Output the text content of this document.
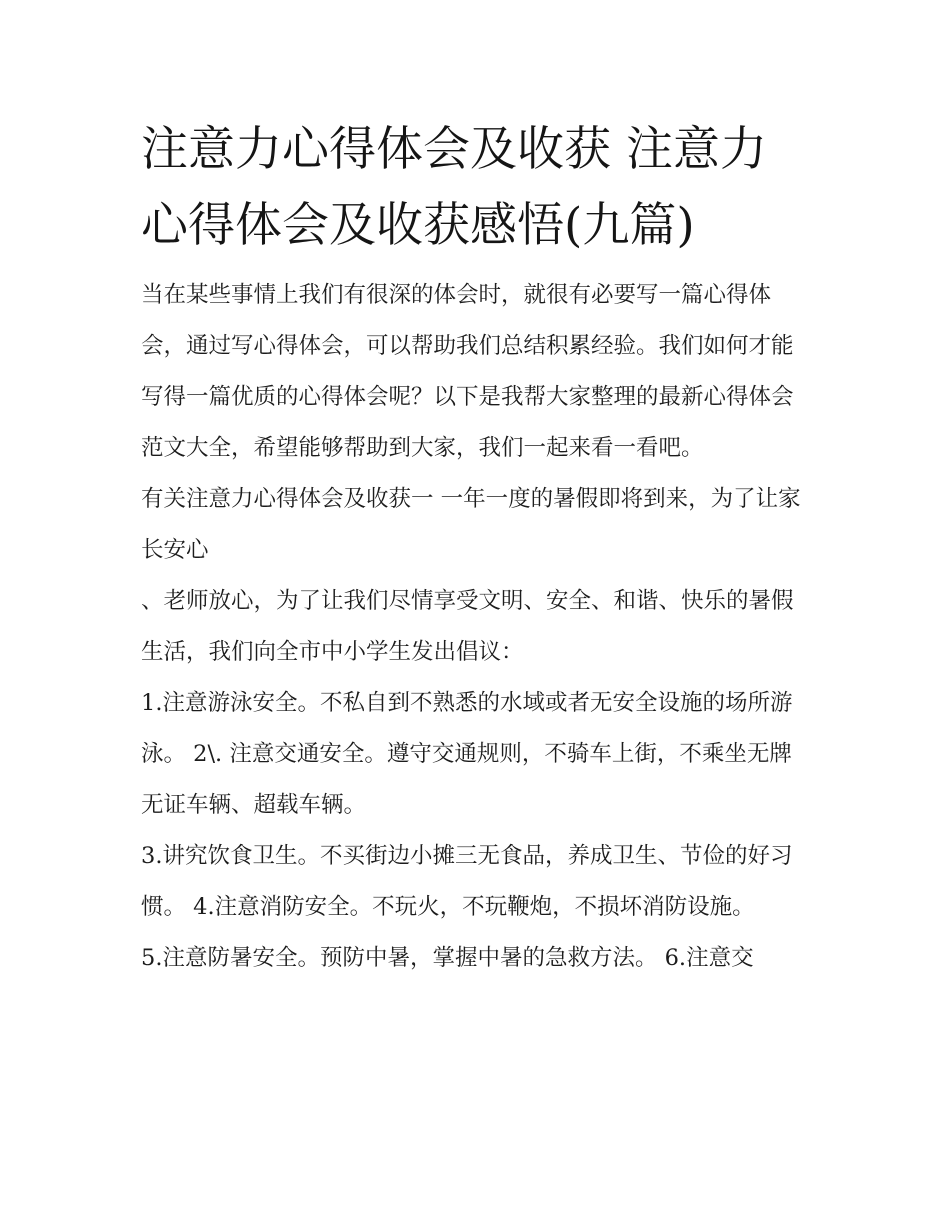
注意力心得体会及收获 注意力心得体会及收获感悟(九篇)

当在某些事情上我们有很深的体会时，就很有必要写一篇心得体会，通过写心得体会，可以帮助我们总结积累经验。我们如何才能写得一篇优质的心得体会呢？以下是我帮大家整理的最新心得体会范文大全，希望能够帮助到大家，我们一起来看一看吧。

有关注意力心得体会及收获一 一年一度的暑假即将到来，为了让家长安心

、老师放心，为了让我们尽情享受文明、安全、和谐、快乐的暑假生活，我们向全市中小学生发出倡议：

1.注意游泳安全。不私自到不熟悉的水域或者无安全设施的场所游泳。 2\. 注意交通安全。遵守交通规则，不骑车上街，不乘坐无牌无证车辆、超载车辆。

3.讲究饮食卫生。不买街边小摊三无食品，养成卫生、节俭的好习惯。 4.注意消防安全。不玩火，不玩鞭炮，不损坏消防设施。

5.注意防暑安全。预防中暑，掌握中暑的急救方法。 6.注意交
